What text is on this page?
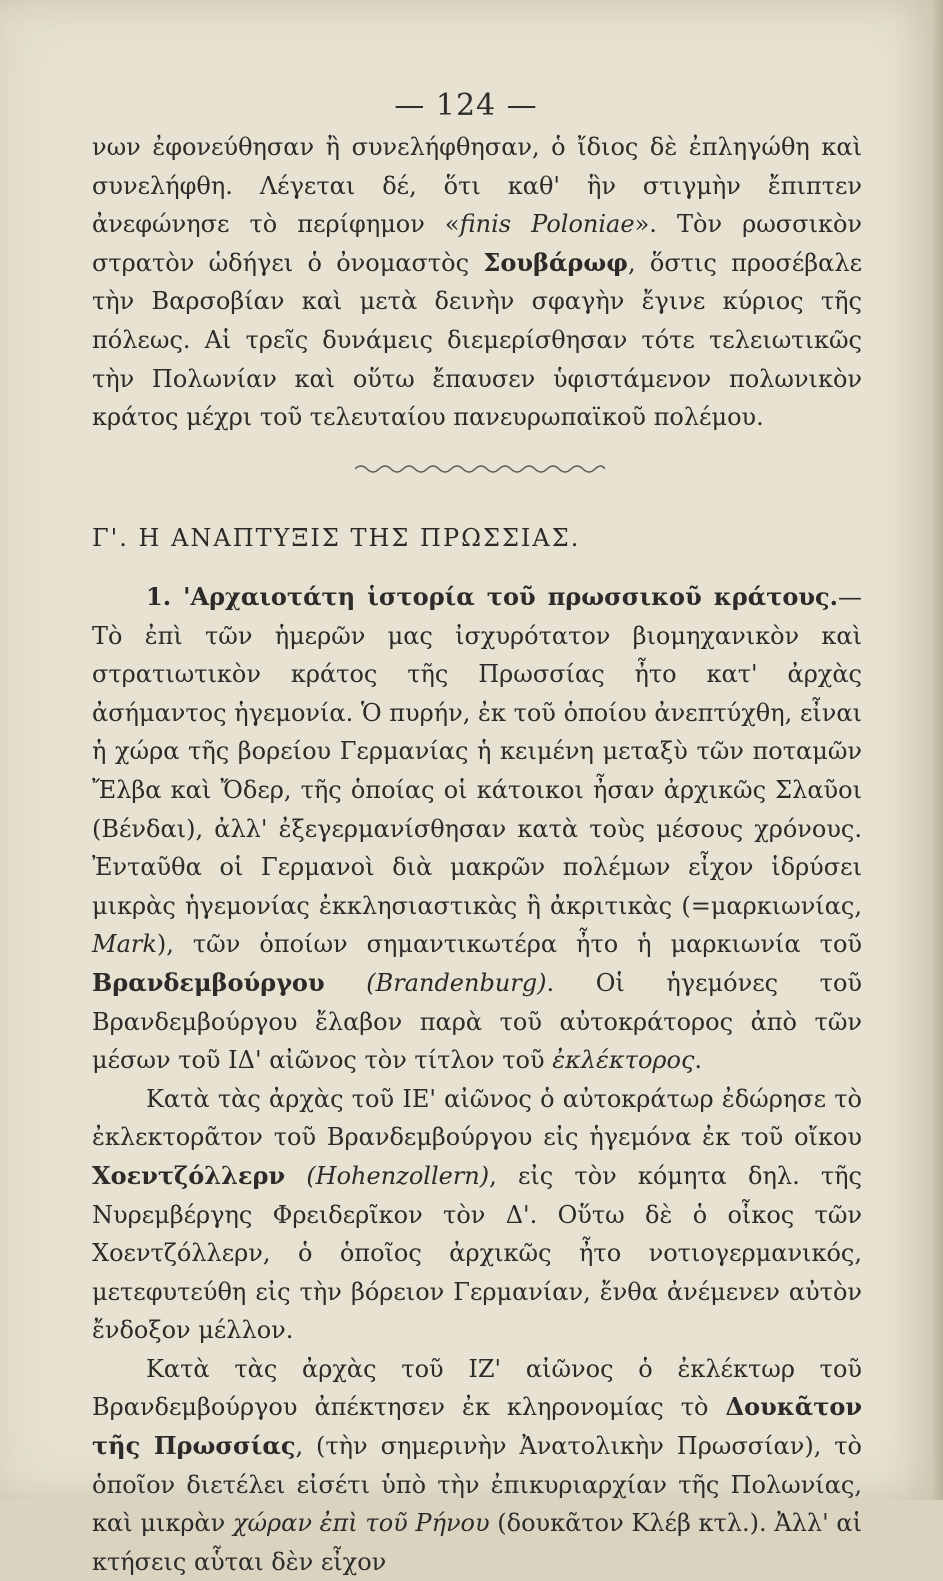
— 124 —

νων ἐφονεύθησαν ἢ συνελήφθησαν, ὁ ἴδιος δὲ ἐπληγώθη καὶ συνελήφθη. Λέγεται δέ, ὅτι καθ' ἣν στιγμὴν ἔπιπτεν ἀνεφώνησε τὸ περίφημον «finis Poloniae». Τὸν ρωσσικὸν στρατὸν ὡδήγει ὁ ὀνομαστὸς Σουβάρωφ, ὅστις προσέβαλε τὴν Βαρσοβίαν καὶ μετὰ δεινὴν σφαγὴν ἔγινε κύριος τῆς πόλεως. Αἱ τρεῖς δυνάμεις διεμερίσθησαν τότε τελειωτικῶς τὴν Πολωνίαν καὶ οὕτω ἔπαυσεν ὑφιστάμενον πολωνικὸν κράτος μέχρι τοῦ τελευταίου πανευρωπαϊκοῦ πολέμου.

Γ'. Η ΑΝΑΠΤΥΞΙΣ ΤΗΣ ΠΡΩΣΣΙΑΣ.

1. 'Αρχαιοτάτη ἱστορία τοῦ πρωσσικοῦ κράτους.—Τὸ ἐπὶ τῶν ἡμερῶν μας ἰσχυρότατον βιομηχανικὸν καὶ στρατιωτικὸν κράτος τῆς Πρωσσίας ἦτο κατ' ἀρχὰς ἀσήμαντος ἡγεμονία. Ὁ πυρήν, ἐκ τοῦ ὁποίου ἀνεπτύχθη, εἶναι ἡ χώρα τῆς βορείου Γερμανίας ἡ κειμένη μεταξὺ τῶν ποταμῶν Ἔλβα καὶ Ὄδερ, τῆς ὁποίας οἱ κάτοικοι ἦσαν ἀρχικῶς Σλαῦοι (Βένδαι), ἀλλ' ἐξεγερμανίσθησαν κατὰ τοὺς μέσους χρόνους. Ἐνταῦθα οἱ Γερμανοὶ διὰ μακρῶν πολέμων εἶχον ἱδρύσει μικρὰς ἡγεμονίας ἐκκλησιαστικὰς ἢ ἀκριτικὰς (=μαρκιωνίας, Mark), τῶν ὁποίων σημαντικωτέρα ἦτο ἡ μαρκιωνία τοῦ Βρανδεμβούργου (Brandenburg). Οἱ ἡγεμόνες τοῦ Βρανδεμβούργου ἔλαβον παρὰ τοῦ αὐτοκράτορος ἀπὸ τῶν μέσων τοῦ ΙΔ' αἰῶνος τὸν τίτλον τοῦ ἐκλέκτορος.

Κατὰ τὰς ἀρχὰς τοῦ ΙΕ' αἰῶνος ὁ αὐτοκράτωρ ἐδώρησε τὸ ἐκλεκτορᾶτον τοῦ Βρανδεμβούργου εἰς ἡγεμόνα ἐκ τοῦ οἴκου Χοεντζόλλερν (Hohenzollern), εἰς τὸν κόμητα δηλ. τῆς Νυρεμβέργης Φρειδερῖκον τὸν Δ'. Οὕτω δὲ ὁ οἶκος τῶν Χοεντζόλλερν, ὁ ὁποῖος ἀρχικῶς ἦτο νοτιογερμανικός, μετεφυτεύθη εἰς τὴν βόρειον Γερμανίαν, ἔνθα ἀνέμενεν αὐτὸν ἔνδοξον μέλλον.

Κατὰ τὰς ἀρχὰς τοῦ ΙΖ' αἰῶνος ὁ ἐκλέκτωρ τοῦ Βρανδεμβούργου ἀπέκτησεν ἐκ κληρονομίας τὸ Δουκᾶτον τῆς Πρωσσίας, (τὴν σημερινὴν Ἀνατολικὴν Πρωσσίαν), τὸ ὁποῖον διετέλει εἰσέτι ὑπὸ τὴν ἐπικυριαρχίαν τῆς Πολωνίας, καὶ μικρὰν χώραν ἐπὶ τοῦ Ρήνου (δουκᾶτον Κλέβ κτλ.). Ἀλλ' αἱ κτήσεις αὗται δὲν εἶχον
